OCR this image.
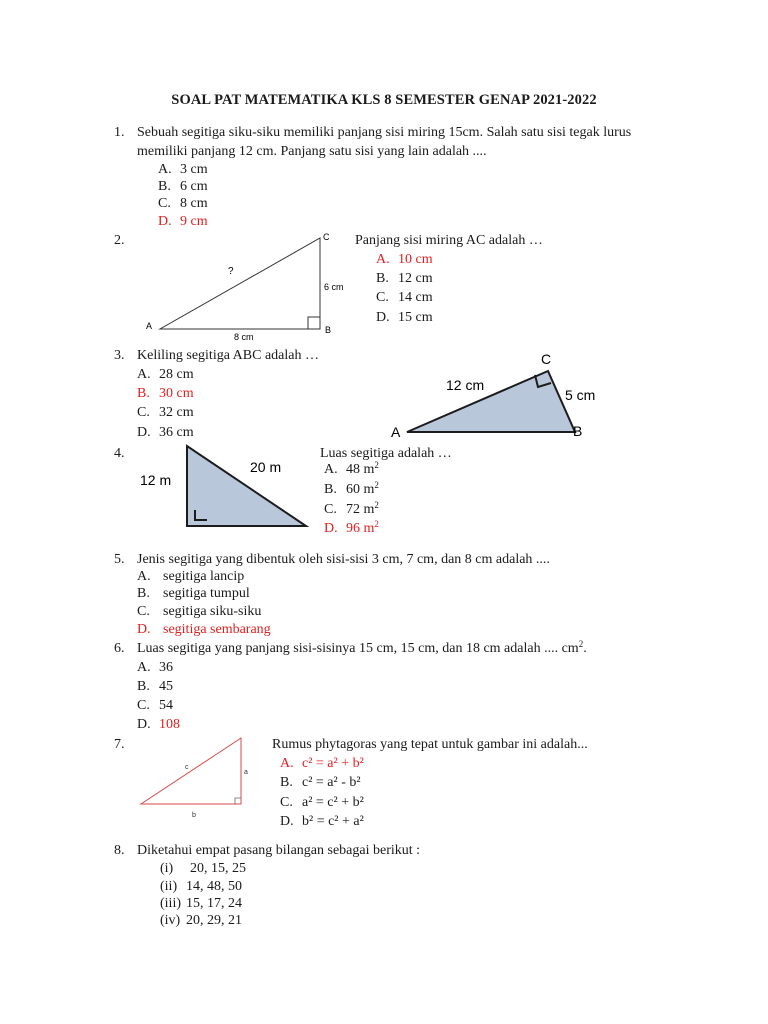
SOAL PAT MATEMATIKA KLS 8 SEMESTER GENAP 2021-2022
1. Sebuah segitiga siku-siku memiliki panjang sisi miring 15cm. Salah satu sisi tegak lurus
memiliki panjang 12 cm. Panjang satu sisi yang lain adalah ....
A. 3 cm
B. 6 cm
C. 8 cm
D. 9 cm
2.
A	B
C
?
8 cm
6 cm
Panjang sisi miring AC adalah …
A. 10 cm
B. 12 cm
C. 14 cm
D. 15 cm
3. Keliling segitiga ABC adalah …
A. 28 cm
B. 30 cm
C. 32 cm
D. 36 cm	A	B
C
12 cm
5 cm
4.
12 m
20 m
Luas segitiga adalah …
A. 48 $m^2$
B. 60 $m^2$
C. 72 $m^2$
D. 96 $m^2$
5. Jenis segitiga yang dibentuk oleh sisi-sisi 3 cm, 7 cm, dan 8 cm adalah ....
A. segitiga lancip
B. segitiga tumpul
C. segitiga siku-siku
D. segitiga sembarang
6. Luas segitiga yang panjang sisi-sisinya 15 cm, 15 cm, dan 18 cm adalah .... $cm^2$.
A. 36
B. 45
C. 54
D. 108
7.
c
a
b
Rumus phytagoras yang tepat untuk gambar ini adalah...
A. c² = a² + b²
B. c² = a² - b²
C. a² = c² + b²
D. b² = c² + a²
8. Diketahui empat pasang bilangan sebagai berikut :
(i) 20, 15, 25
(ii) 14, 48, 50
(iii) 15, 17, 24
(iv) 20, 29, 21
